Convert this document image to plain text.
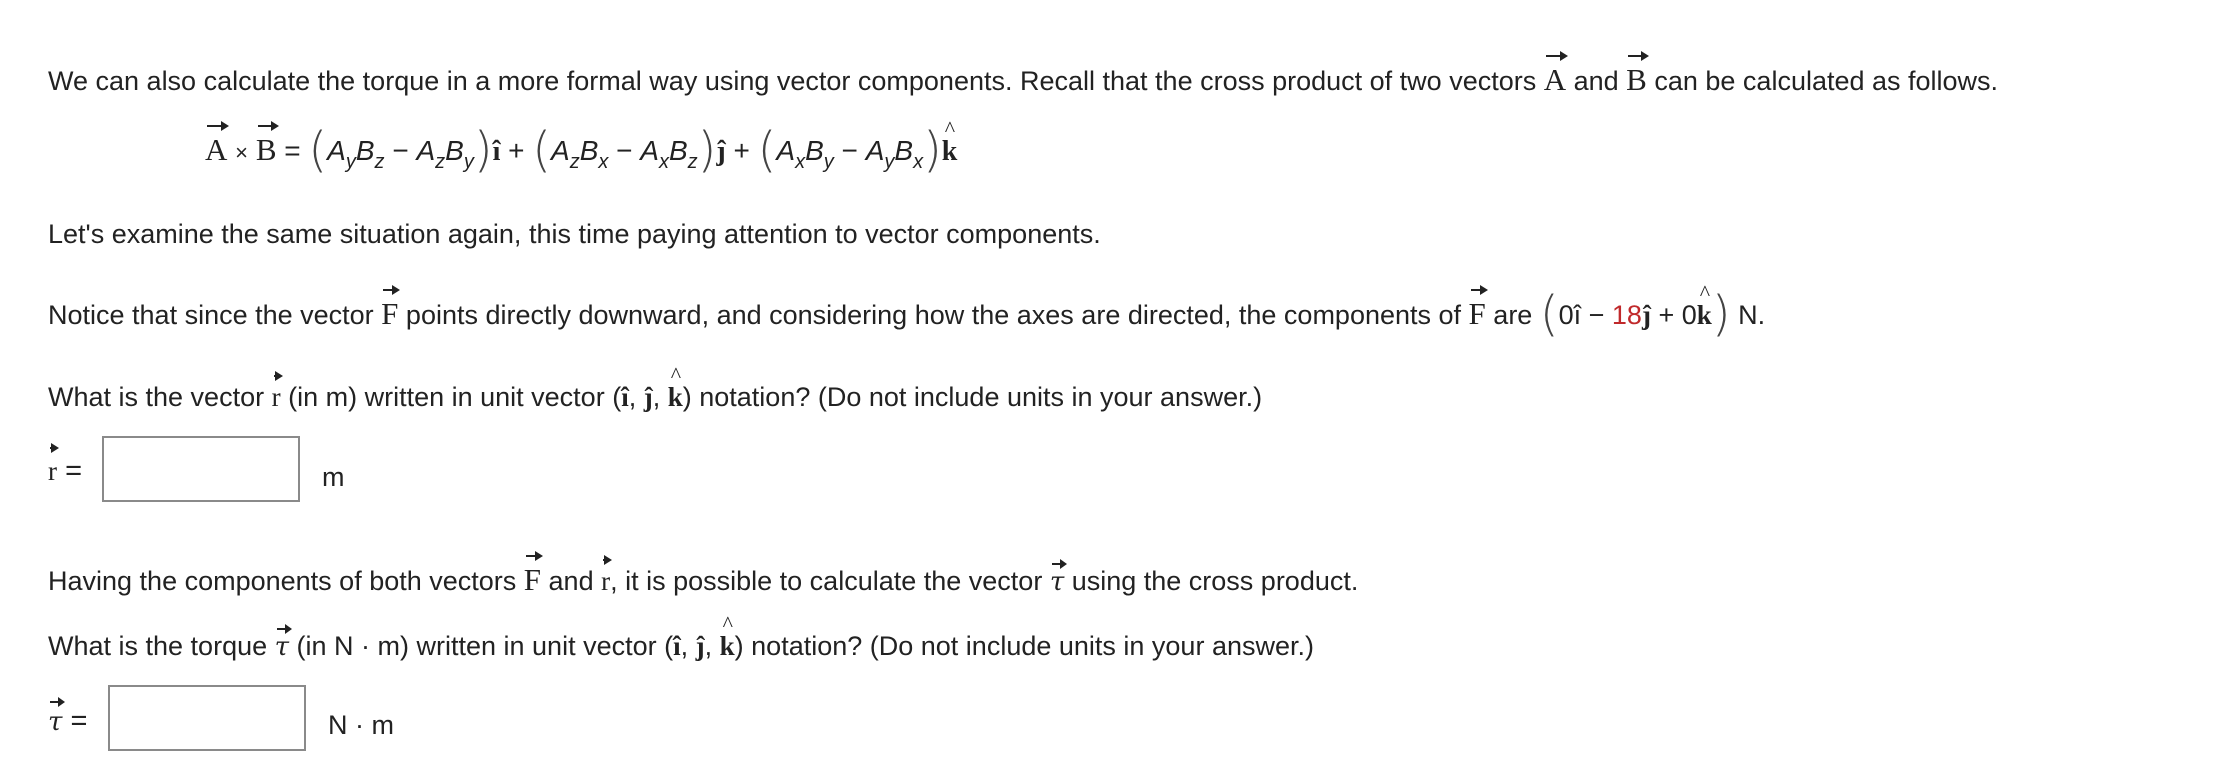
We can also calculate the torque in a more formal way using vector components. Recall that the cross product of two vectors A and B can be calculated as follows.
$A \times B = (A_yB_z$ − $A_zB_y)î + (A_zB_x$ − $A_xB_z)ĵ + (A_xB_y$ − $A_yB_x)\^{}$ k
Let's examine the same situation again, this time paying attention to vector components.
Notice that since the vector F points directly downward, and considering how the axes are directed, the components of F are (0î − 18ĵ + 0^ k) N.
What is the vector r (in m) written in unit vector (î, ĵ, ^ k) notation? (Do not include units in your answer.)
r =	m
Having the components of both vectors F and r, it is possible to calculate the vector τ using the cross product.
What is the torque τ (in N · m) written in unit vector (î, ĵ, ^ k) notation? (Do not include units in your answer.)
τ =	N · m
